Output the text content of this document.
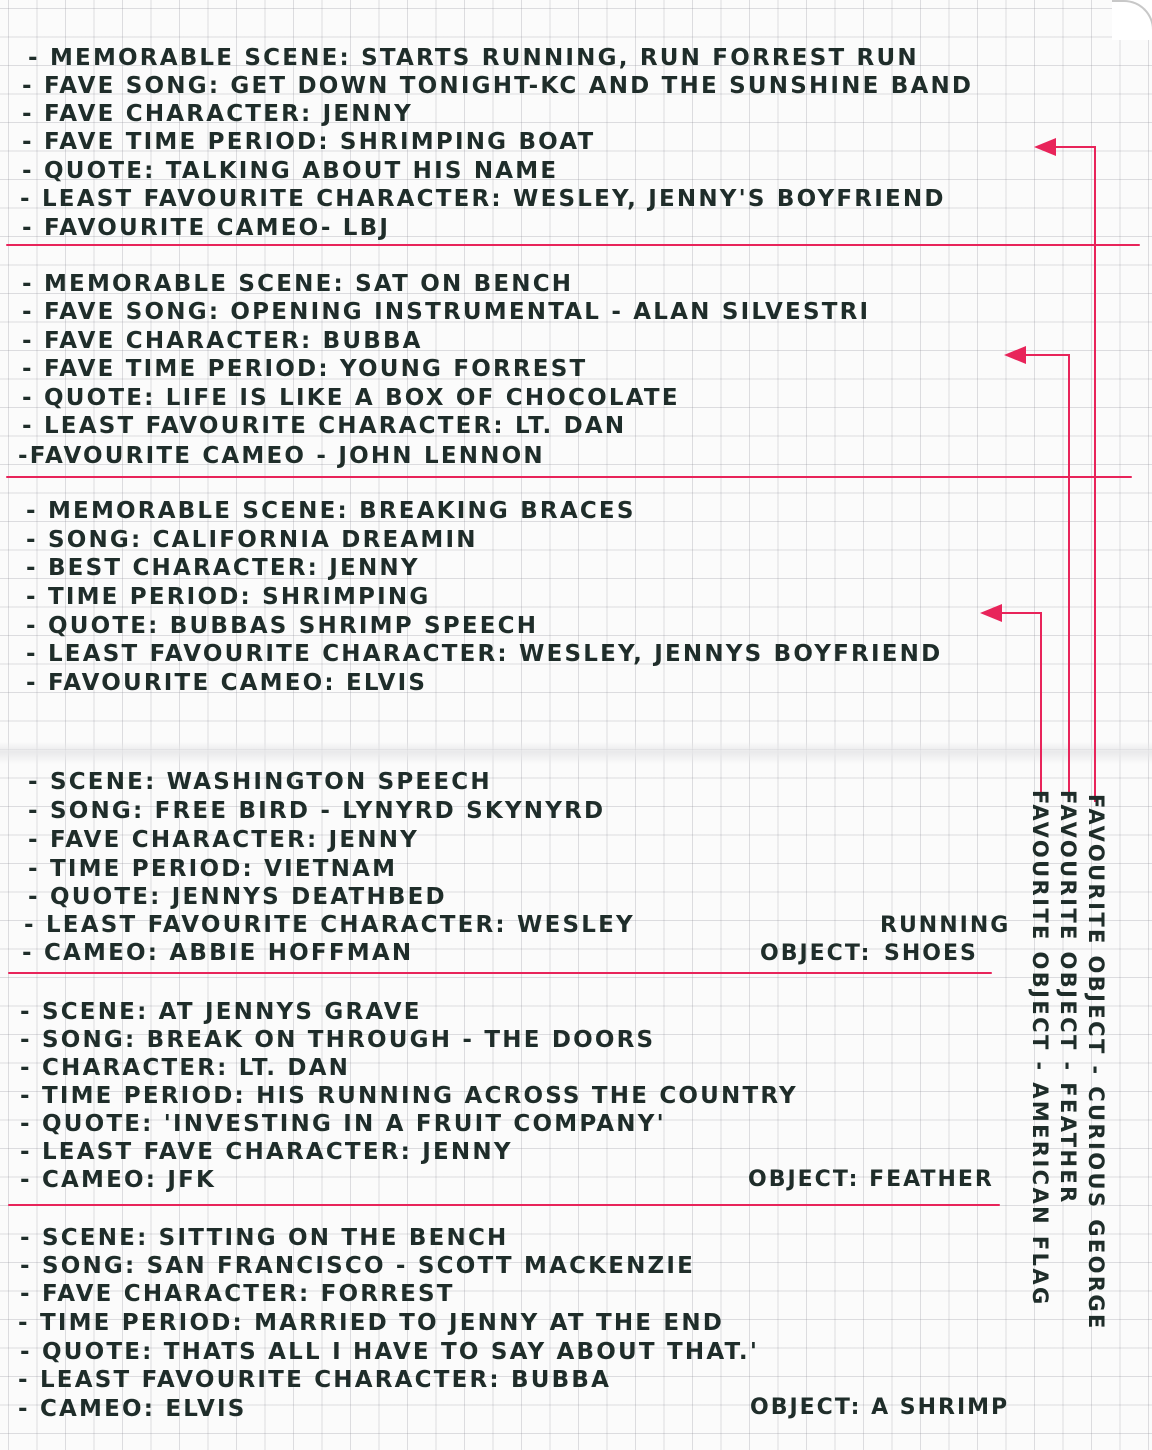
- MEMORABLE SCENE: STARTS RUNNING, RUN FORREST RUN
- FAVE SONG: GET DOWN TONIGHT-KC AND THE SUNSHINE BAND
- FAVE CHARACTER: JENNY
- FAVE TIME PERIOD: SHRIMPING BOAT
- QUOTE: TALKING ABOUT HIS NAME
- LEAST FAVOURITE CHARACTER: WESLEY, JENNY'S BOYFRIEND
- FAVOURITE CAMEO- LBJ
- MEMORABLE SCENE: SAT ON BENCH
- FAVE SONG: OPENING INSTRUMENTAL - ALAN SILVESTRI
- FAVE CHARACTER: BUBBA
- FAVE TIME PERIOD: YOUNG FORREST
- QUOTE: LIFE IS LIKE A BOX OF CHOCOLATE
- LEAST FAVOURITE CHARACTER: LT. DAN
-FAVOURITE CAMEO - JOHN LENNON
- MEMORABLE SCENE: BREAKING BRACES
- SONG: CALIFORNIA DREAMIN
- BEST CHARACTER: JENNY
- TIME PERIOD: SHRIMPING
- QUOTE: BUBBAS SHRIMP SPEECH
- LEAST FAVOURITE CHARACTER: WESLEY, JENNYS BOYFRIEND
- FAVOURITE CAMEO: ELVIS
- SCENE: WASHINGTON SPEECH
- SONG: FREE BIRD - LYNYRD SKYNYRD
- FAVE CHARACTER: JENNY
- TIME PERIOD: VIETNAM
- QUOTE: JENNYS DEATHBED
- LEAST FAVOURITE CHARACTER: WESLEY
- CAMEO: ABBIE HOFFMAN
RUNNING
OBJECT: SHOES
- SCENE: AT JENNYS GRAVE
- SONG: BREAK ON THROUGH - THE DOORS
- CHARACTER: LT. DAN
- TIME PERIOD: HIS RUNNING ACROSS THE COUNTRY
- QUOTE: 'INVESTING IN A FRUIT COMPANY'
- LEAST FAVE CHARACTER: JENNY
- CAMEO: JFK	OBJECT: FEATHER
- SCENE: SITTING ON THE BENCH
- SONG: SAN FRANCISCO - SCOTT MACKENZIE
- FAVE CHARACTER: FORREST
- TIME PERIOD: MARRIED TO JENNY AT THE END
- QUOTE: THATS ALL I HAVE TO SAY ABOUT THAT.'
- LEAST FAVOURITE CHARACTER: BUBBA
- CAMEO: ELVIS	OBJECT: A SHRIMP
FAVOURITE OBJECT - CURIOUS GEORGE
FAVOURITE OBJECT - FEATHER
FAVOURITE OBJECT - AMERICAN FLAG
